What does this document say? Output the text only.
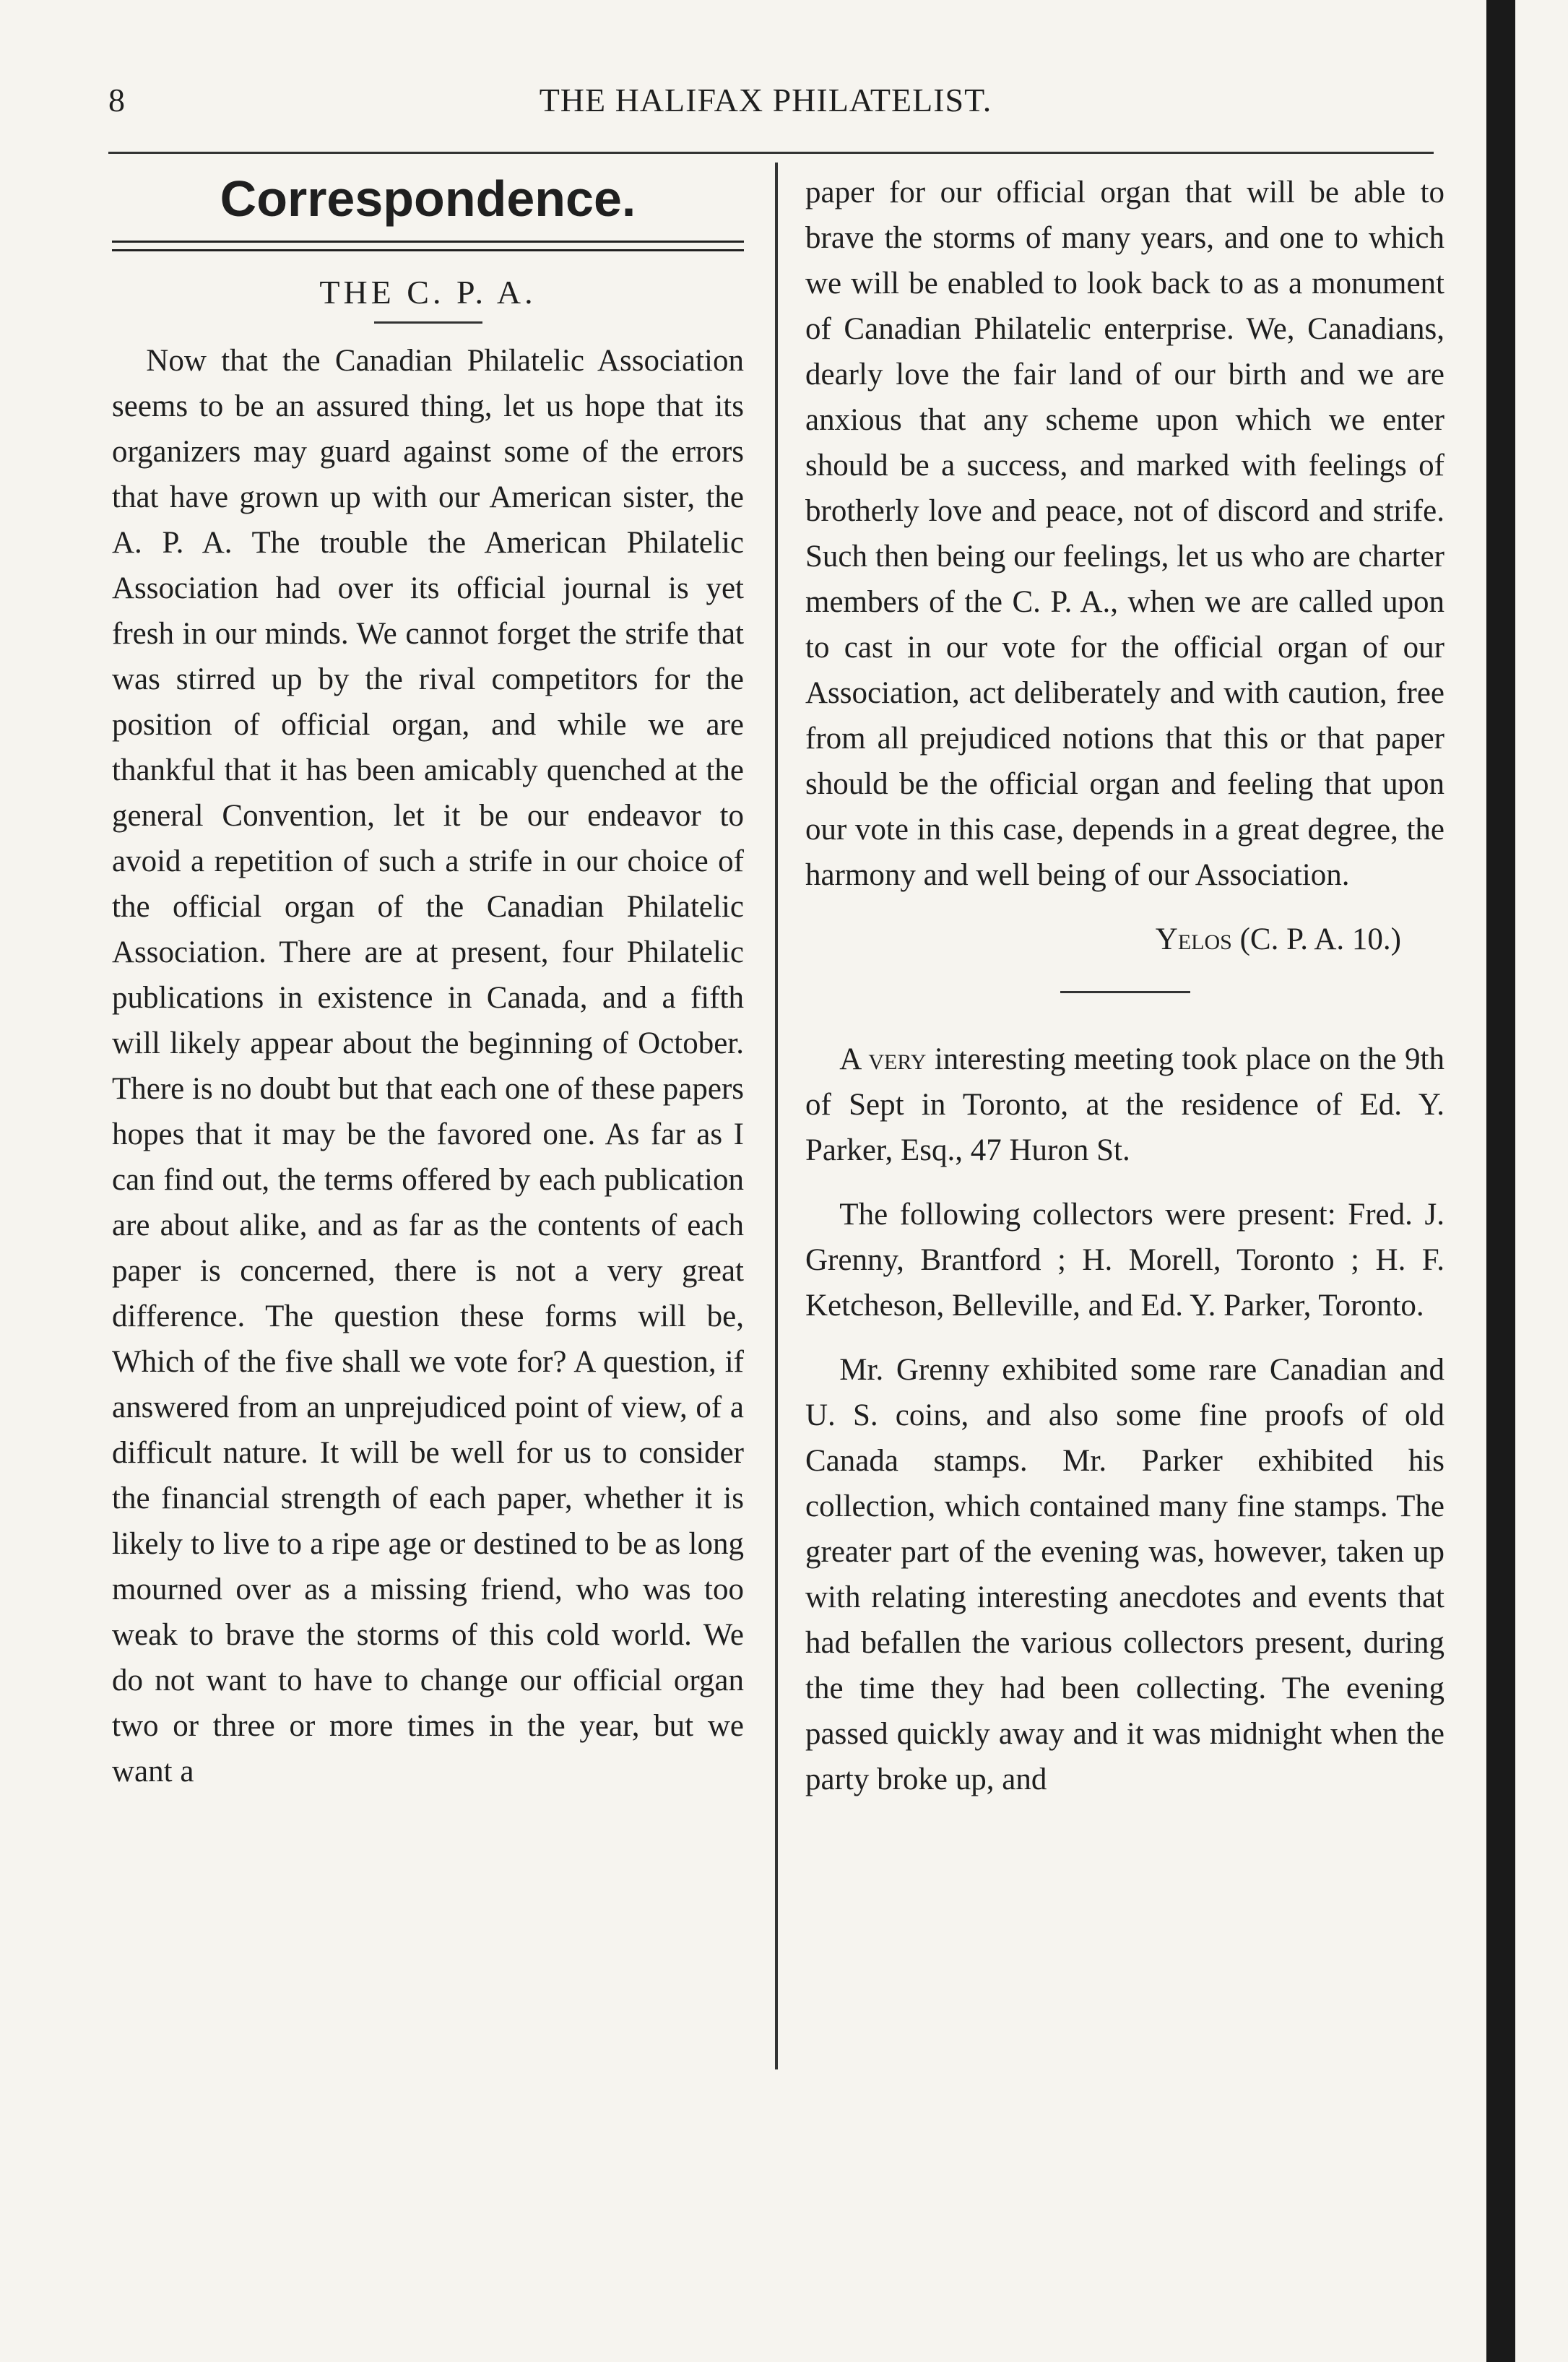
8	THE HALIFAX PHILATELIST.
Correspondence.
THE C. P. A.

Now that the Canadian Philatelic Association seems to be an assured thing, let us hope that its organizers may guard against some of the errors that have grown up with our American sister, the A. P. A. The trouble the American Philatelic Association had over its official journal is yet fresh in our minds. We cannot forget the strife that was stirred up by the rival competitors for the position of official organ, and while we are thankful that it has been amicably quenched at the general Convention, let it be our endeavor to avoid a repetition of such a strife in our choice of the official organ of the Canadian Philatelic Association. There are at present, four Philatelic publications in existence in Canada, and a fifth will likely appear about the beginning of October. There is no doubt but that each one of these papers hopes that it may be the favored one. As far as I can find out, the terms offered by each publication are about alike, and as far as the contents of each paper is concerned, there is not a very great difference. The question these forms will be, Which of the five shall we vote for? A question, if answered from an unprejudiced point of view, of a difficult nature. It will be well for us to consider the financial strength of each paper, whether it is likely to live to a ripe age or destined to be as long mourned over as a missing friend, who was too weak to brave the storms of this cold world. We do not want to have to change our official organ two or three or more times in the year, but we want a

paper for our official organ that will be able to brave the storms of many years, and one to which we will be enabled to look back to as a monument of Canadian Philatelic enterprise. We, Canadians, dearly love the fair land of our birth and we are anxious that any scheme upon which we enter should be a success, and marked with feelings of brotherly love and peace, not of discord and strife. Such then being our feelings, let us who are charter members of the C. P. A., when we are called upon to cast in our vote for the official organ of our Association, act deliberately and with caution, free from all prejudiced notions that this or that paper should be the official organ and feeling that upon our vote in this case, depends in a great degree, the harmony and well being of our Association.

Yelos (C. P. A. 10.)

A very interesting meeting took place on the 9th of Sept in Toronto, at the residence of Ed. Y. Parker, Esq., 47 Huron St.

The following collectors were present: Fred. J. Grenny, Brantford ; H. Morell, Toronto ; H. F. Ketcheson, Belleville, and Ed. Y. Parker, Toronto.

Mr. Grenny exhibited some rare Canadian and U. S. coins, and also some fine proofs of old Canada stamps. Mr. Parker exhibited his collection, which contained many fine stamps. The greater part of the evening was, however, taken up with relating interesting anecdotes and events that had befallen the various collectors present, during the time they had been collecting. The evening passed quickly away and it was midnight when the party broke up, and
